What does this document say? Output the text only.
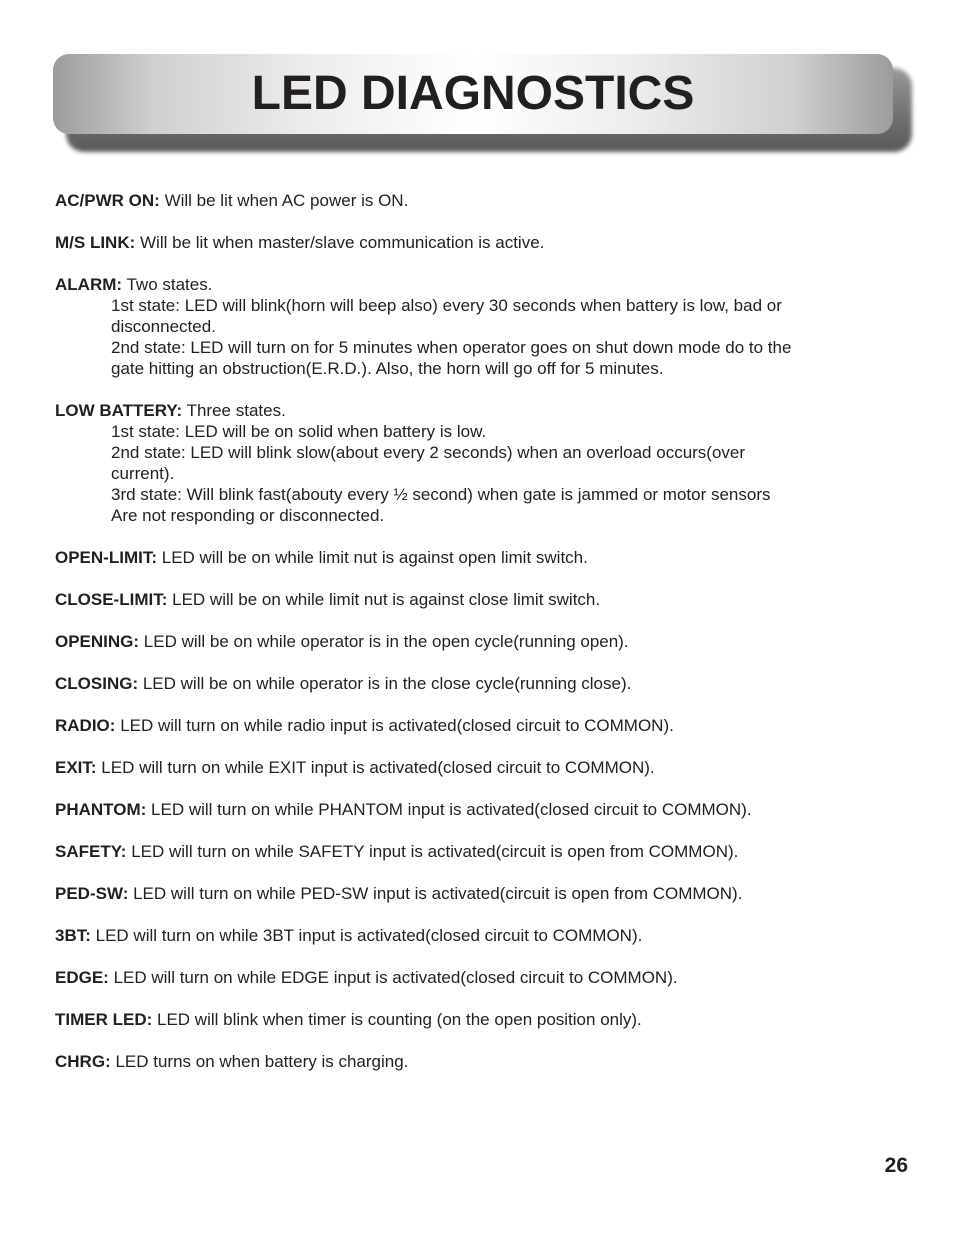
LED DIAGNOSTICS
AC/PWR ON: Will be lit when AC power is ON.
M/S LINK: Will be lit when master/slave communication is active.
ALARM: Two states.
1st state: LED will blink(horn will beep also) every 30 seconds when battery is low, bad or
disconnected.
2nd state: LED will turn on for 5 minutes when operator goes on shut down mode do to the
gate hitting an obstruction(E.R.D.). Also, the horn will go off for 5 minutes.
LOW BATTERY: Three states.
1st state: LED will be on solid when battery is low.
2nd state: LED will blink slow(about every 2 seconds) when an overload occurs(over
current).
3rd state: Will blink fast(abouty every ½ second) when gate is jammed or motor sensors
Are not responding or disconnected.
OPEN-LIMIT: LED will be on while limit nut is against open limit switch.
CLOSE-LIMIT: LED will be on while limit nut is against close limit switch.
OPENING: LED will be on while operator is in the open cycle(running open).
CLOSING: LED will be on while operator is in the close cycle(running close).
RADIO: LED will turn on while radio input is activated(closed circuit to COMMON).
EXIT: LED will turn on while EXIT input is activated(closed circuit to COMMON).
PHANTOM: LED will turn on while PHANTOM input is activated(closed circuit to COMMON).
SAFETY: LED will turn on while SAFETY input is activated(circuit is open from COMMON).
PED-SW: LED will turn on while PED-SW input is activated(circuit is open from COMMON).
3BT: LED will turn on while 3BT input is activated(closed circuit to COMMON).
EDGE: LED will turn on while EDGE input is activated(closed circuit to COMMON).
TIMER LED: LED will blink when timer is counting (on the open position only).
CHRG: LED turns on when battery is charging.
26
